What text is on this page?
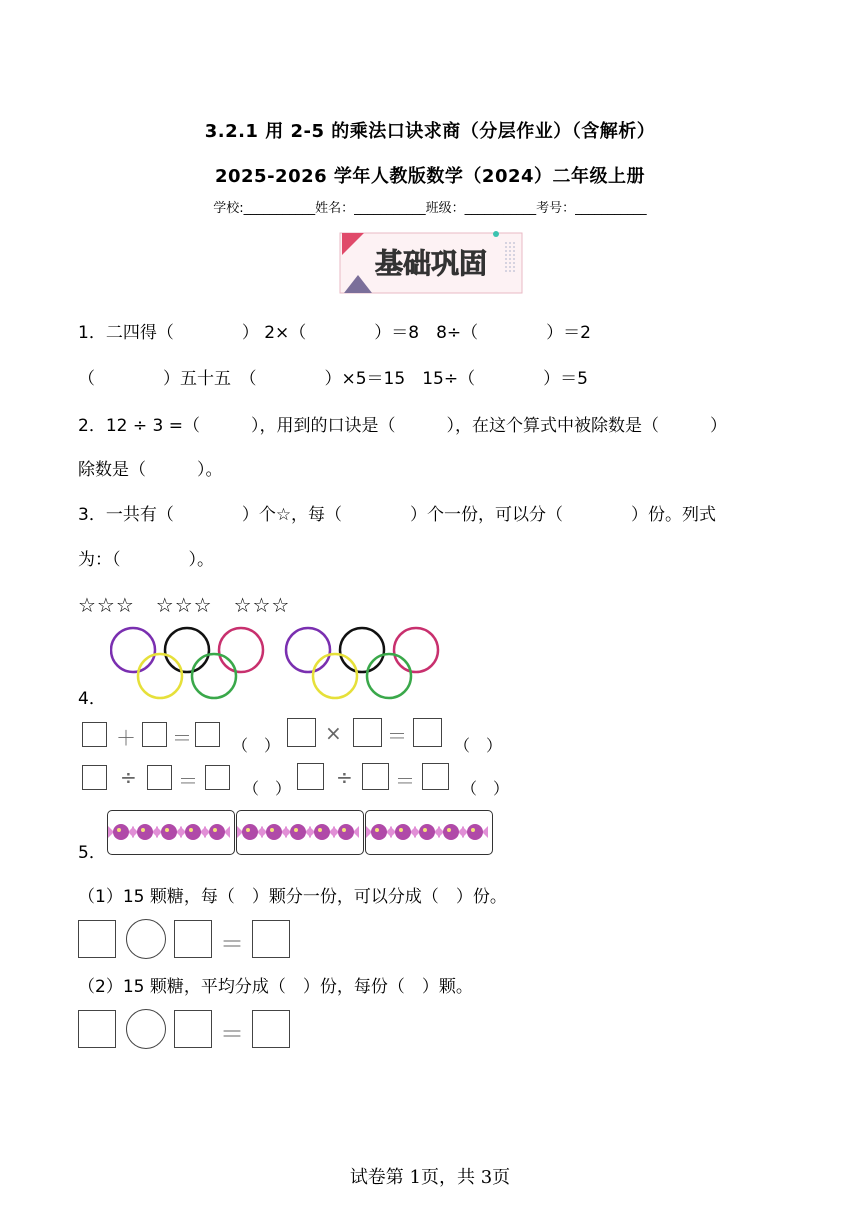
3.2.1 用 2-5 的乘法口诀求商（分层作业）（含解析）
2025-2026 学年人教版数学（2024）二年级上册
学校:___________姓名：___________班级：___________考号：___________
基础巩固
1．二四得（　　　　） 2×（　　　　）＝8　8÷（　　　　）＝2
（　　　　）五十五　（　　　　）×5＝15　15÷（　　　　）＝5
2．12 ÷ 3 =（　　　），用到的口诀是（　　　），在这个算式中被除数是（　　　）
除数是（　　　）。
3．一共有（　　　　）个☆，每（　　　　）个一份，可以分（　　　　）份。列式
为：（　　　　）。
☆☆☆　☆☆☆　☆☆☆
4．
＋ ＝	（　）
× ＝	（　）
÷ ＝	（　） ÷ ＝	（　）
5．
（1）15 颗糖，每（　）颗分一份，可以分成（　）份。
＝
（2）15 颗糖，平均分成（　）份，每份（　）颗。
＝
试卷第 1页，共 3页
